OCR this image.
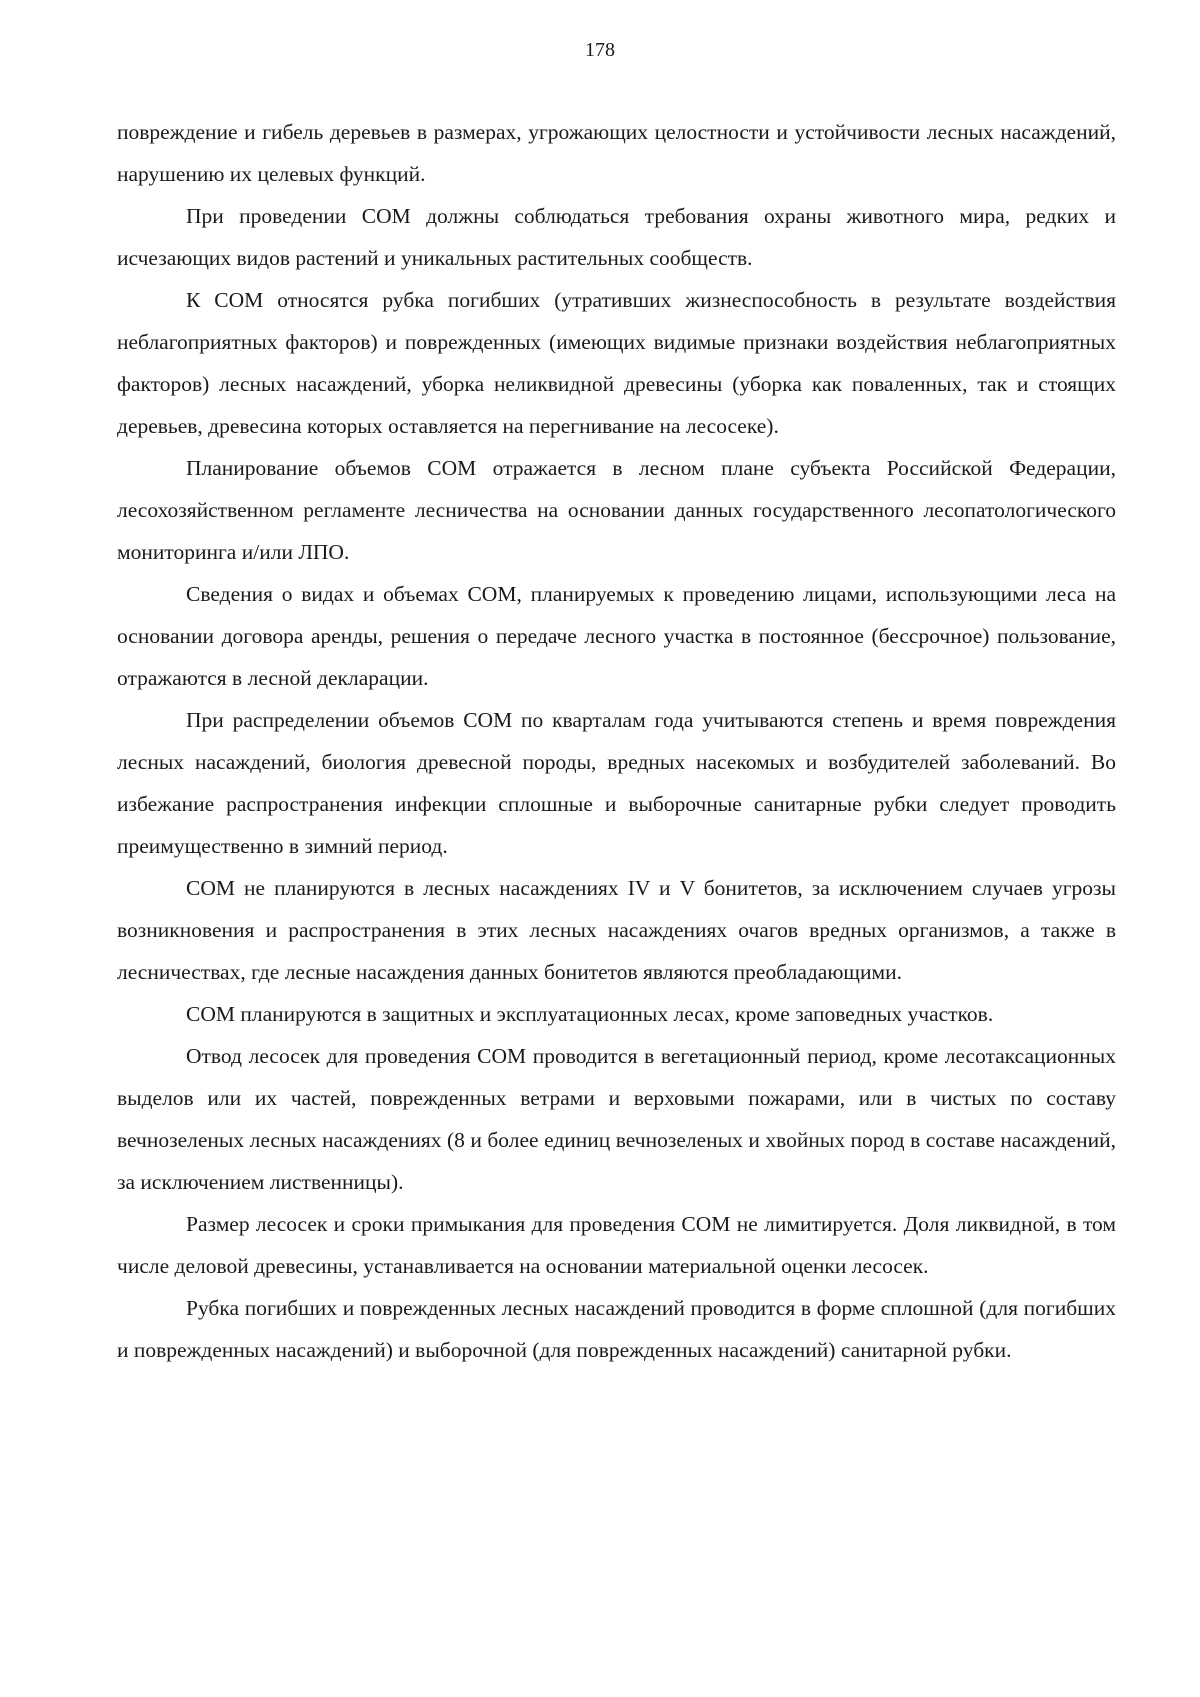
178

повреждение и гибель деревьев в размерах, угрожающих целостности и устойчивости лесных насаждений, нарушению их целевых функций.

При проведении СОМ должны соблюдаться требования охраны животного мира, редких и исчезающих видов растений и уникальных растительных сообществ.

К СОМ относятся рубка погибших (утративших жизнеспособность в результате воздействия неблагоприятных факторов) и поврежденных (имеющих видимые признаки воздействия неблагоприятных факторов) лесных насаждений, уборка неликвидной древесины (уборка как поваленных, так и стоящих деревьев, древесина которых оставляется на перегнивание на лесосеке).

Планирование объемов СОМ отражается в лесном плане субъекта Российской Федерации, лесохозяйственном регламенте лесничества на основании данных государственного лесопатологического мониторинга и/или ЛПО.

Сведения о видах и объемах СОМ, планируемых к проведению лицами, использующими леса на основании договора аренды, решения о передаче лесного участка в постоянное (бессрочное) пользование, отражаются в лесной декларации.

При распределении объемов СОМ по кварталам года учитываются степень и время повреждения лесных насаждений, биология древесной породы, вредных насекомых и возбудителей заболеваний. Во избежание распространения инфекции сплошные и выборочные санитарные рубки следует проводить преимущественно в зимний период.

СОМ не планируются в лесных насаждениях IV и V бонитетов, за исключением случаев угрозы возникновения и распространения в этих лесных насаждениях очагов вредных организмов, а также в лесничествах, где лесные насаждения данных бонитетов являются преобладающими.

СОМ планируются в защитных и эксплуатационных лесах, кроме заповедных участков.

Отвод лесосек для проведения СОМ проводится в вегетационный период, кроме лесотаксационных выделов или их частей, поврежденных ветрами и верховыми пожарами, или в чистых по составу вечнозеленых лесных насаждениях (8 и более единиц вечнозеленых и хвойных пород в составе насаждений, за исключением лиственницы).

Размер лесосек и сроки примыкания для проведения СОМ не лимитируется. Доля ликвидной, в том числе деловой древесины, устанавливается на основании материальной оценки лесосек.

Рубка погибших и поврежденных лесных насаждений проводится в форме сплошной (для погибших и поврежденных насаждений) и выборочной (для поврежденных насаждений) санитарной рубки.
